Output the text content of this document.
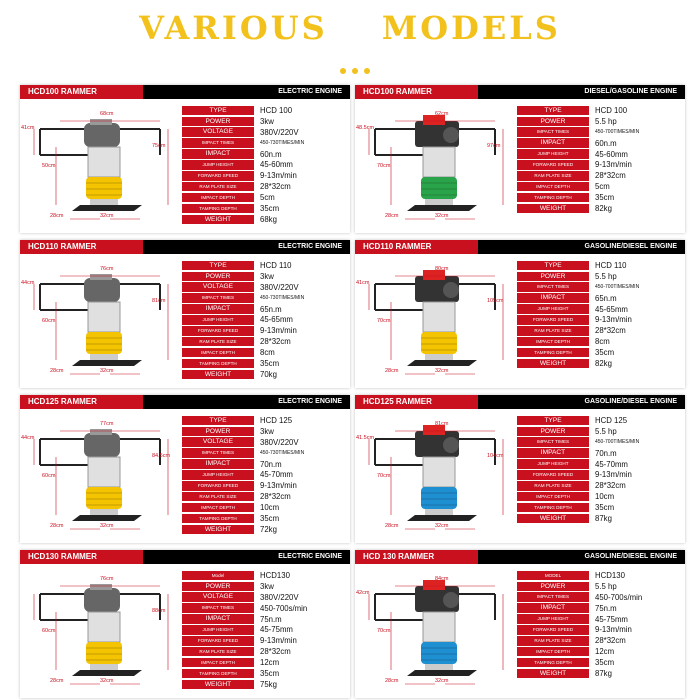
VARIOUS MODELS
HCD100 RAMMER	ELECTRIC ENGINE
41cm
68cm
75cm
50cm
28cm	32cm
TYPE	HCD 100
POWER	3kw
VOLTAGE	380V/220V
IMPACT TIMES	450-730TIMES/MIN
IMPACT	60n.m
JUMP HEIGHT	45-60mm
FORWARD SPEED	9-13m/min
RAM PLATE SIZE	28*32cm
IMPACT DEPTH	5cm
TAMPING DEPTH	35cm
WEIGHT	68kg
HCD100 RAMMER	DIESEL/GASOLINE ENGINE
48.5cm
62cm
97cm
70cm
28cm	32cm
TYPE	HCD 100
POWER	5.5 hp
IMPACT TIMES	450-700TIMES/MIN
IMPACT	60n.m
JUMP HEIGHT	45-60mm
FORWARD SPEED	9-13m/min
RAM PLATE SIZE	28*32cm
IMPACT DEPTH	5cm
TAMPING DEPTH	35cm
WEIGHT	82kg
HCD110 RAMMER	ELECTRIC ENGINE
44cm
76cm
81cm
60cm
28cm	32cm
TYPE	HCD 110
POWER	3kw
VOLTAGE	380V/220V
IMPACT TIMES	450-730TIMES/MIN
IMPACT	65n.m
JUMP HEIGHT	45-65mm
FORWARD SPEED	9-13m/min
RAM PLATE SIZE	28*32cm
IMPACT DEPTH	8cm
TAMPING DEPTH	35cm
WEIGHT	70kg
HCD110 RAMMER	GASOLINE/DIESEL ENGINE
41cm
80cm
105cm
70cm
28cm	32cm
TYPE	HCD 110
POWER	5.5 hp
IMPACT TIMES	450-700TIMES/MIN
IMPACT	65n.m
JUMP HEIGHT	45-65mm
FORWARD SPEED	9-13m/min
RAM PLATE SIZE	28*32cm
IMPACT DEPTH	8cm
TAMPING DEPTH	35cm
WEIGHT	82kg
HCD125 RAMMER	ELECTRIC ENGINE
44cm
77cm
84.5cm
60cm
28cm	32cm
TYPE	HCD 125
POWER	3kw
VOLTAGE	380V/220V
IMPACT TIMES	450-730TIMES/MIN
IMPACT	70n.m
JUMP HEIGHT	45-70mm
FORWARD SPEED	9-13m/min
RAM PLATE SIZE	28*32cm
IMPACT DEPTH	10cm
TAMPING DEPTH	35cm
WEIGHT	72kg
HCD125 RAMMER	GASOLINE/DIESEL ENGINE
41.5cm
81cm
104cm
70cm
28cm	32cm
TYPE	HCD 125
POWER	5.5 hp
IMPACT TIMES	450-700TIMES/MIN
IMPACT	70n.m
JUMP HEIGHT	45-70mm
FORWARD SPEED	9-13m/min
RAM PLATE SIZE	28*32cm
IMPACT DEPTH	10cm
TAMPING DEPTH	35cm
WEIGHT	87kg
HCD130 RAMMER	ELECTRIC ENGINE
76cm
88cm
60cm
28cm	32cm
Model	HCD130
POWER	3kw
VOLTAGE	380V/220V
IMPACT TIMES	450-700s/min
IMPACT	75n.m
JUMP HEIGHT	45-75mm
FORWARD SPEED	9-13m/min
RAM PLATE SIZE	28*32cm
IMPACT DEPTH	12cm
TAMPING DEPTH	35cm
WEIGHT	75kg
HCD 130 RAMMER	GASOLINE/DIESEL ENGINE
42cm
84cm
70cm
28cm	32cm
MODEL	HCD130
POWER	5.5 hp
IMPACT TIMES	450-700s/min
IMPACT	75n.m
JUMP HEIGHT	45-75mm
FORWARD SPEED	9-13m/min
RAM PLATE SIZE	28*32cm
IMPACT DEPTH	12cm
TAMPING DEPTH	35cm
WEIGHT	87kg
